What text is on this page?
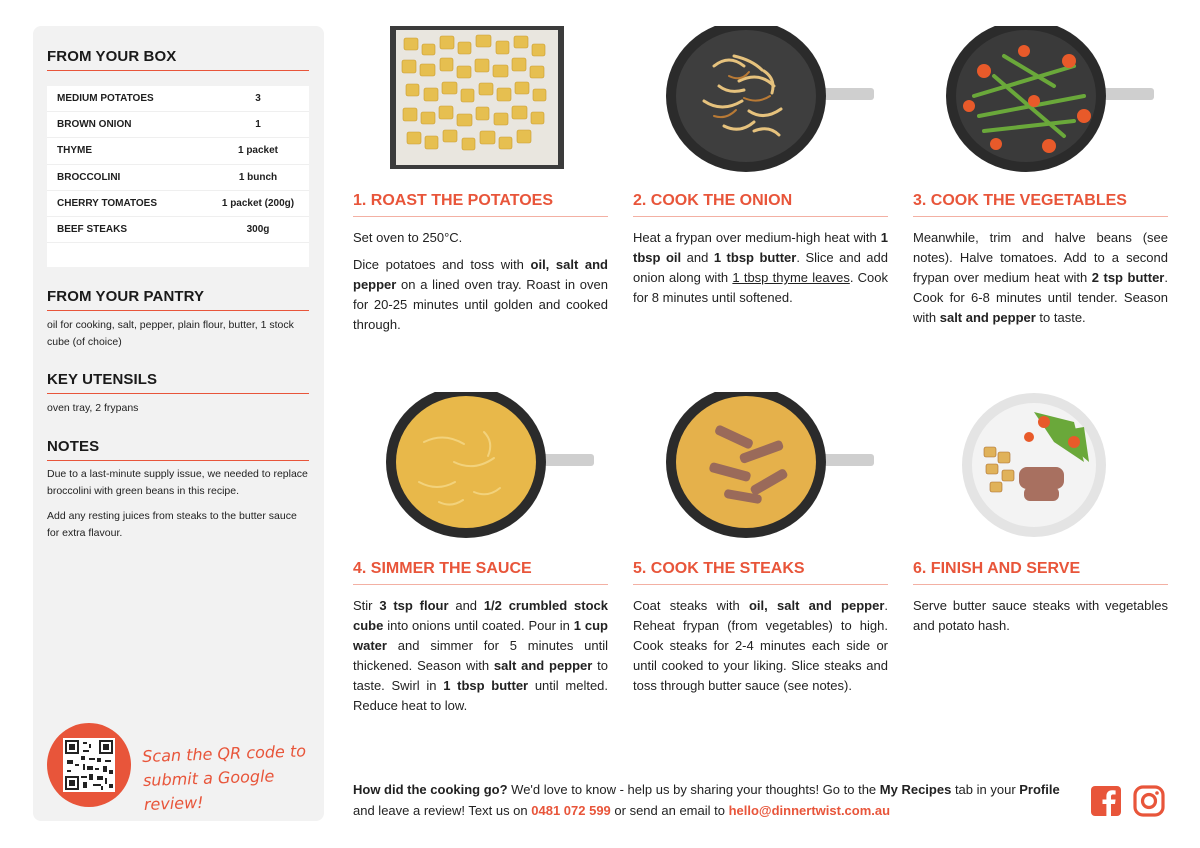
FROM YOUR BOX
MEDIUM POTATOES	3
BROWN ONION	1
THYME	1 packet
BROCCOLINI	1 bunch
CHERRY TOMATOES	1 packet (200g)
BEEF STEAKS	300g
FROM YOUR PANTRY
oil for cooking, salt, pepper, plain flour, butter, 1 stock cube (of choice)
KEY UTENSILS
oven tray, 2 frypans
NOTES
Due to a last-minute supply issue, we needed to replace broccolini with green beans in this recipe.
Add any resting juices from steaks to the butter sauce for extra flavour.
Scan the QR code to submit a Google review!
1. ROAST THE POTATOES	2. COOK THE ONION	3. COOK THE VEGETABLES
4. SIMMER THE SAUCE	5. COOK THE STEAKS	6. FINISH AND SERVE

Set oven to 250°C.

Dice potatoes and toss with oil, salt and pepper on a lined oven tray. Roast in oven for 20-25 minutes until golden and cooked through.

Heat a frypan over medium-high heat with 1 tbsp oil and 1 tbsp butter. Slice and add onion along with 1 tbsp thyme leaves. Cook for 8 minutes until softened.

Meanwhile, trim and halve beans (see notes). Halve tomatoes. Add to a second frypan over medium heat with 2 tsp butter. Cook for 6-8 minutes until tender. Season with salt and pepper to taste.

Stir 3 tsp flour and 1/2 crumbled stock cube into onions until coated. Pour in 1 cup water and simmer for 5 minutes until thickened. Season with salt and pepper to taste. Swirl in 1 tbsp butter until melted. Reduce heat to low.

Coat steaks with oil, salt and pepper. Reheat frypan (from vegetables) to high. Cook steaks for 2-4 minutes each side or until cooked to your liking. Slice steaks and toss through butter sauce (see notes).

Serve butter sauce steaks with vegetables and potato hash.

How did the cooking go? We'd love to know - help us by sharing your thoughts! Go to the My Recipes tab in your Profile and leave a review! Text us on 0481 072 599 or send an email to hello@dinnertwist.com.au
